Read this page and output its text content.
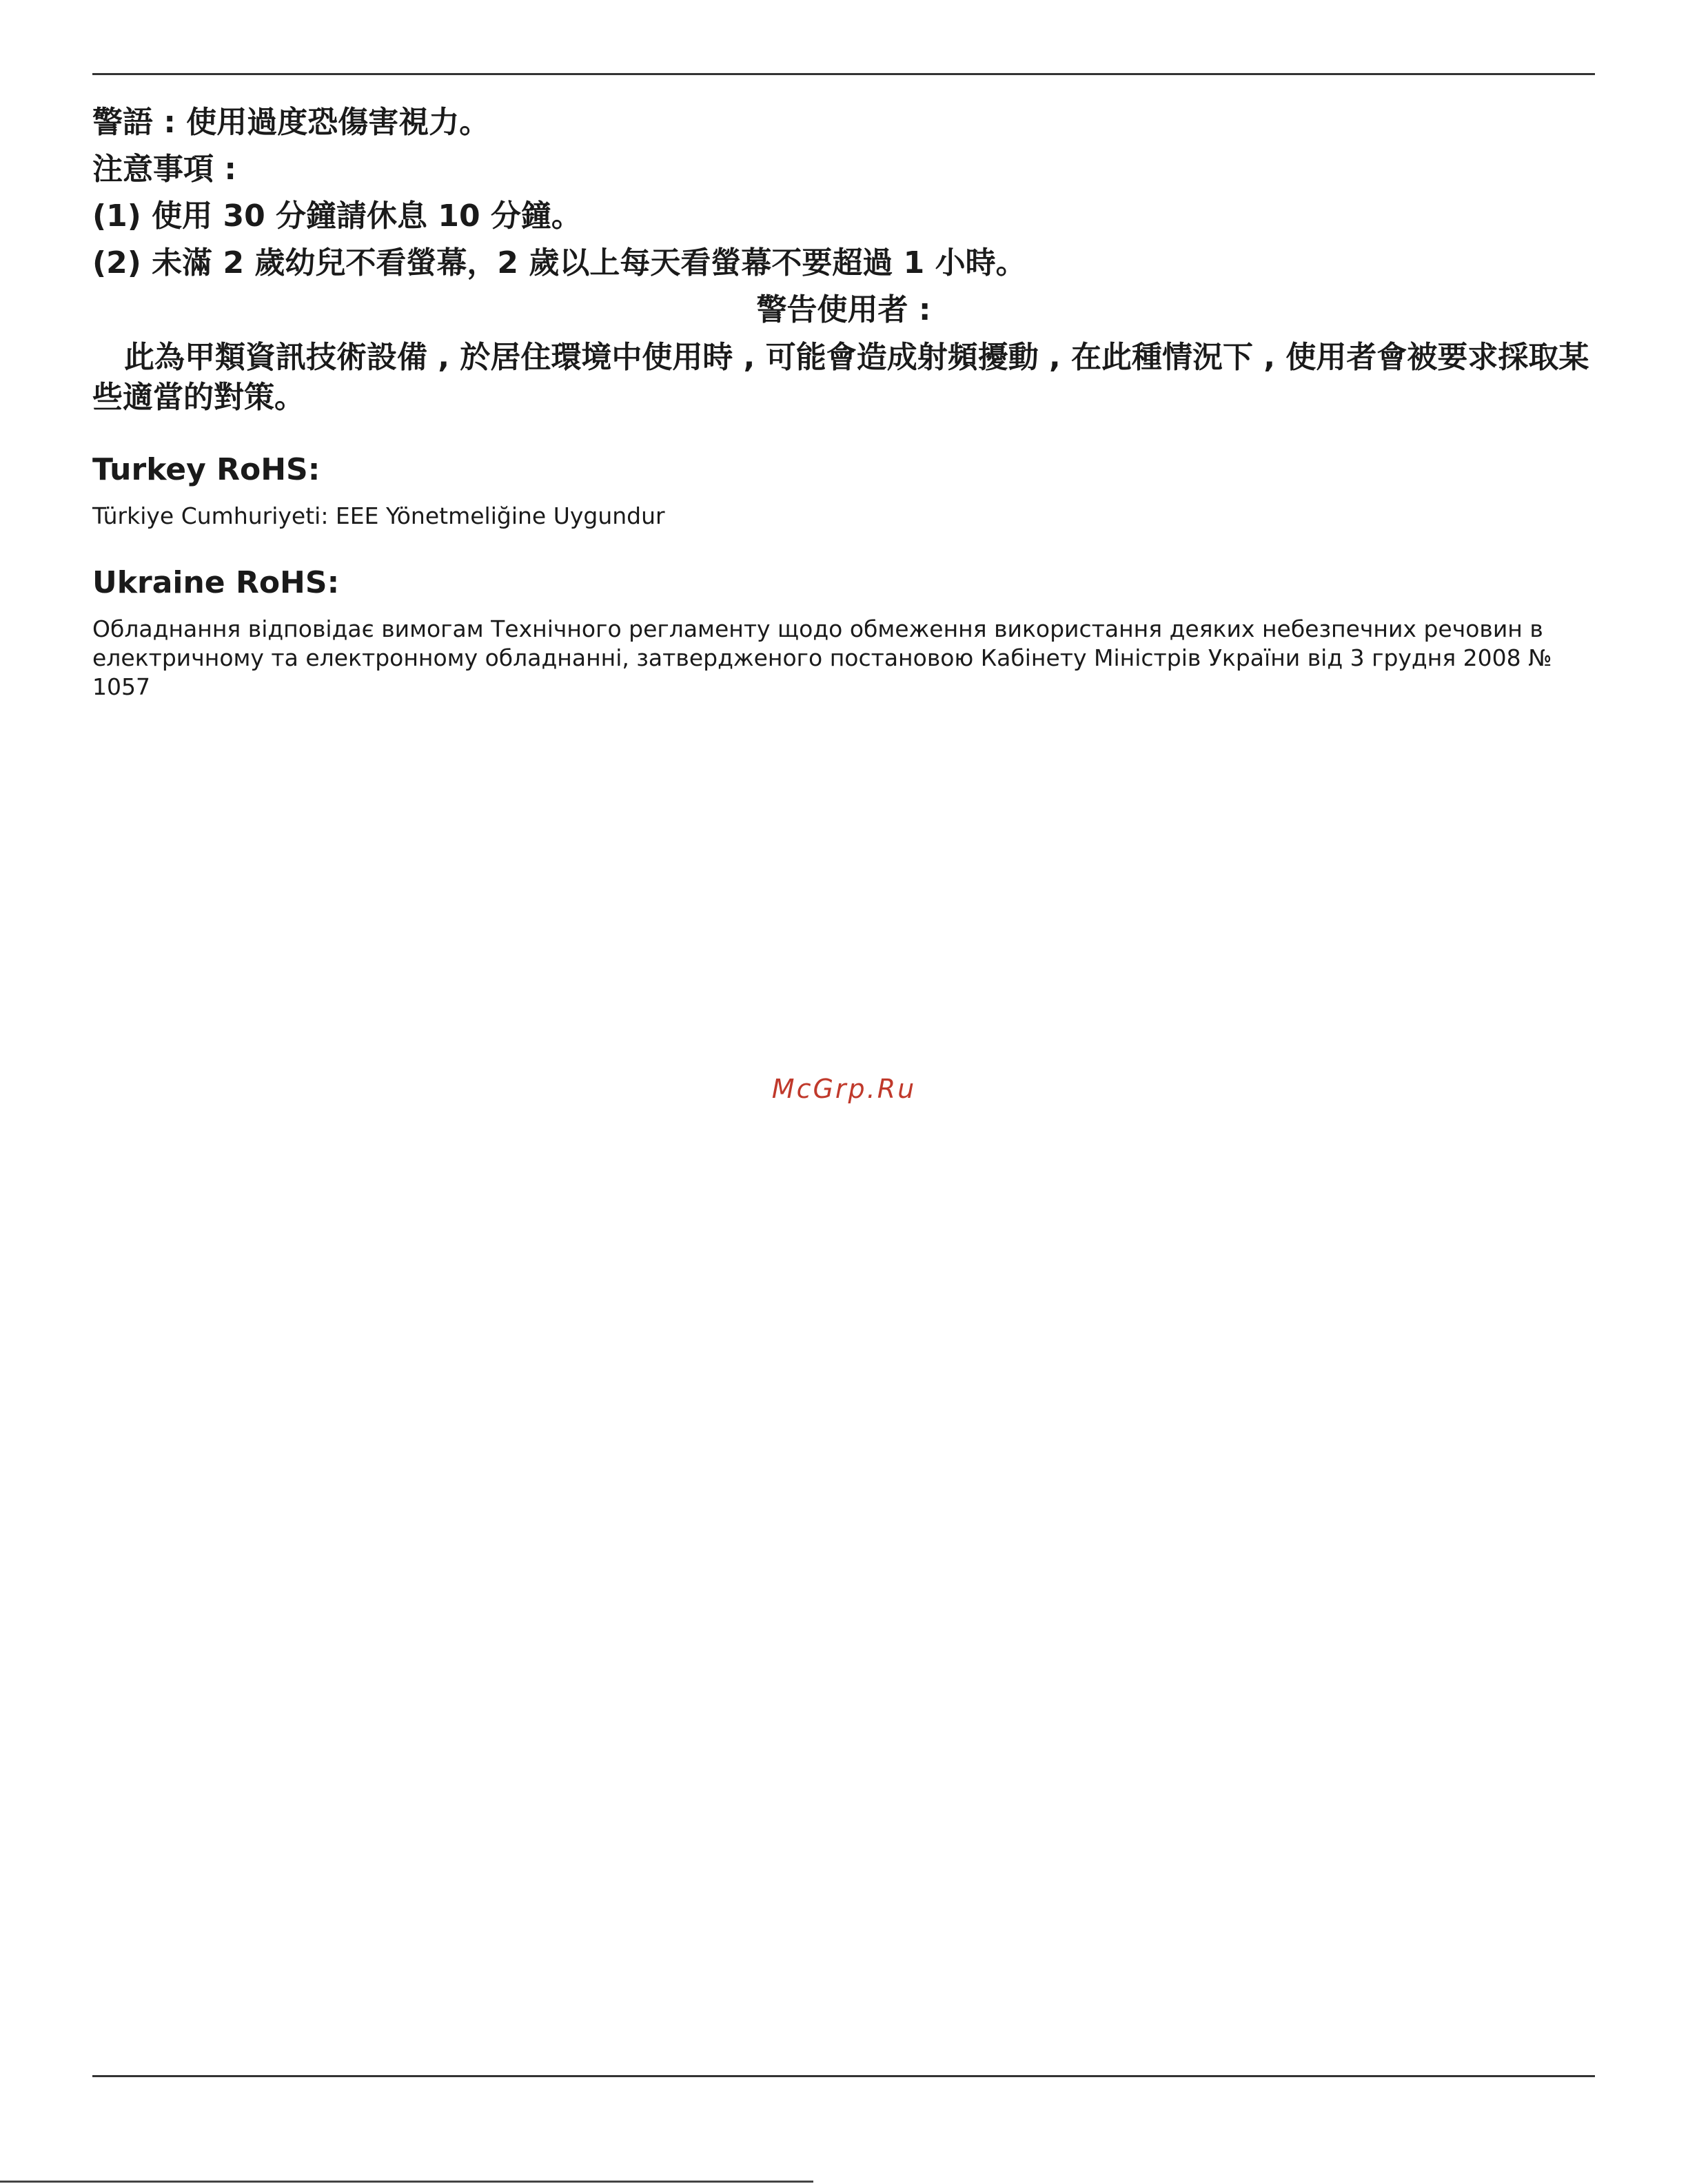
警語 : 使用過度恐傷害視力。

注意事項 :

(1) 使用 30 分鐘請休息 10 分鐘。

(2) 未滿 2 歲幼兒不看螢幕，2 歲以上每天看螢幕不要超過 1 小時。

警告使用者 :

此為甲類資訊技術設備 , 於居住環境中使用時 , 可能會造成射頻擾動 , 在此種情況下 , 使用者會被要求採取某些適當的對策。

Turkey RoHS:

Türkiye Cumhuriyeti: EEE Yönetmeliğine Uygundur

Ukraine RoHS:

Обладнання відповідає вимогам Технічного регламенту щодо обмеження використання деяких небезпечних речовин в електричному та електронному обладнанні, затвердженого постановою Кабінету Міністрів України від 3 грудня 2008 № 1057

McGrp.Ru
